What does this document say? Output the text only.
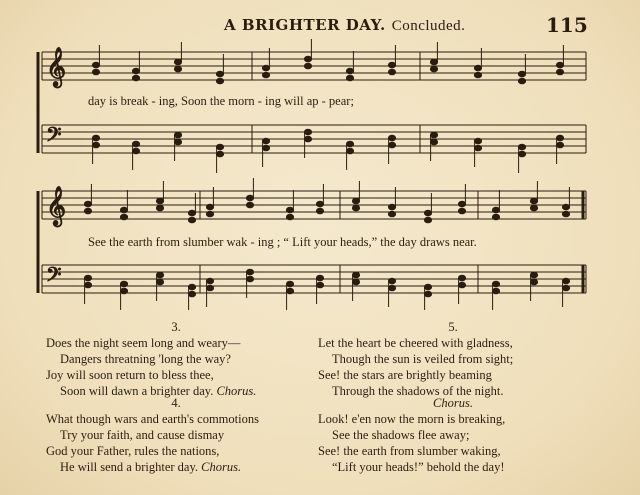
A BRIGHTER DAY. Concluded.	115
𝄞
𝄞
𝄢
𝄢
day is break - ing, Soon the morn - ing will ap - pear;
See the earth from slumber wak - ing ; “ Lift your heads,” the day draws near.
3.
Does the night seem long and weary—
Dangers threatning 'long the way?
Joy will soon return to bless thee,
Soon will dawn a brighter day. Chorus.
4.
What though wars and earth's commotions
Try your faith, and cause dismay
God your Father, rules the nations,
He will send a brighter day. Chorus.
5.
Let the heart be cheered with gladness,
Though the sun is veiled from sight;
See! the stars are brightly beaming
Through the shadows of the night.
Chorus.
Look! e'en now the morn is breaking,
See the shadows flee away;
See! the earth from slumber waking,
“Lift your heads!” behold the day!
